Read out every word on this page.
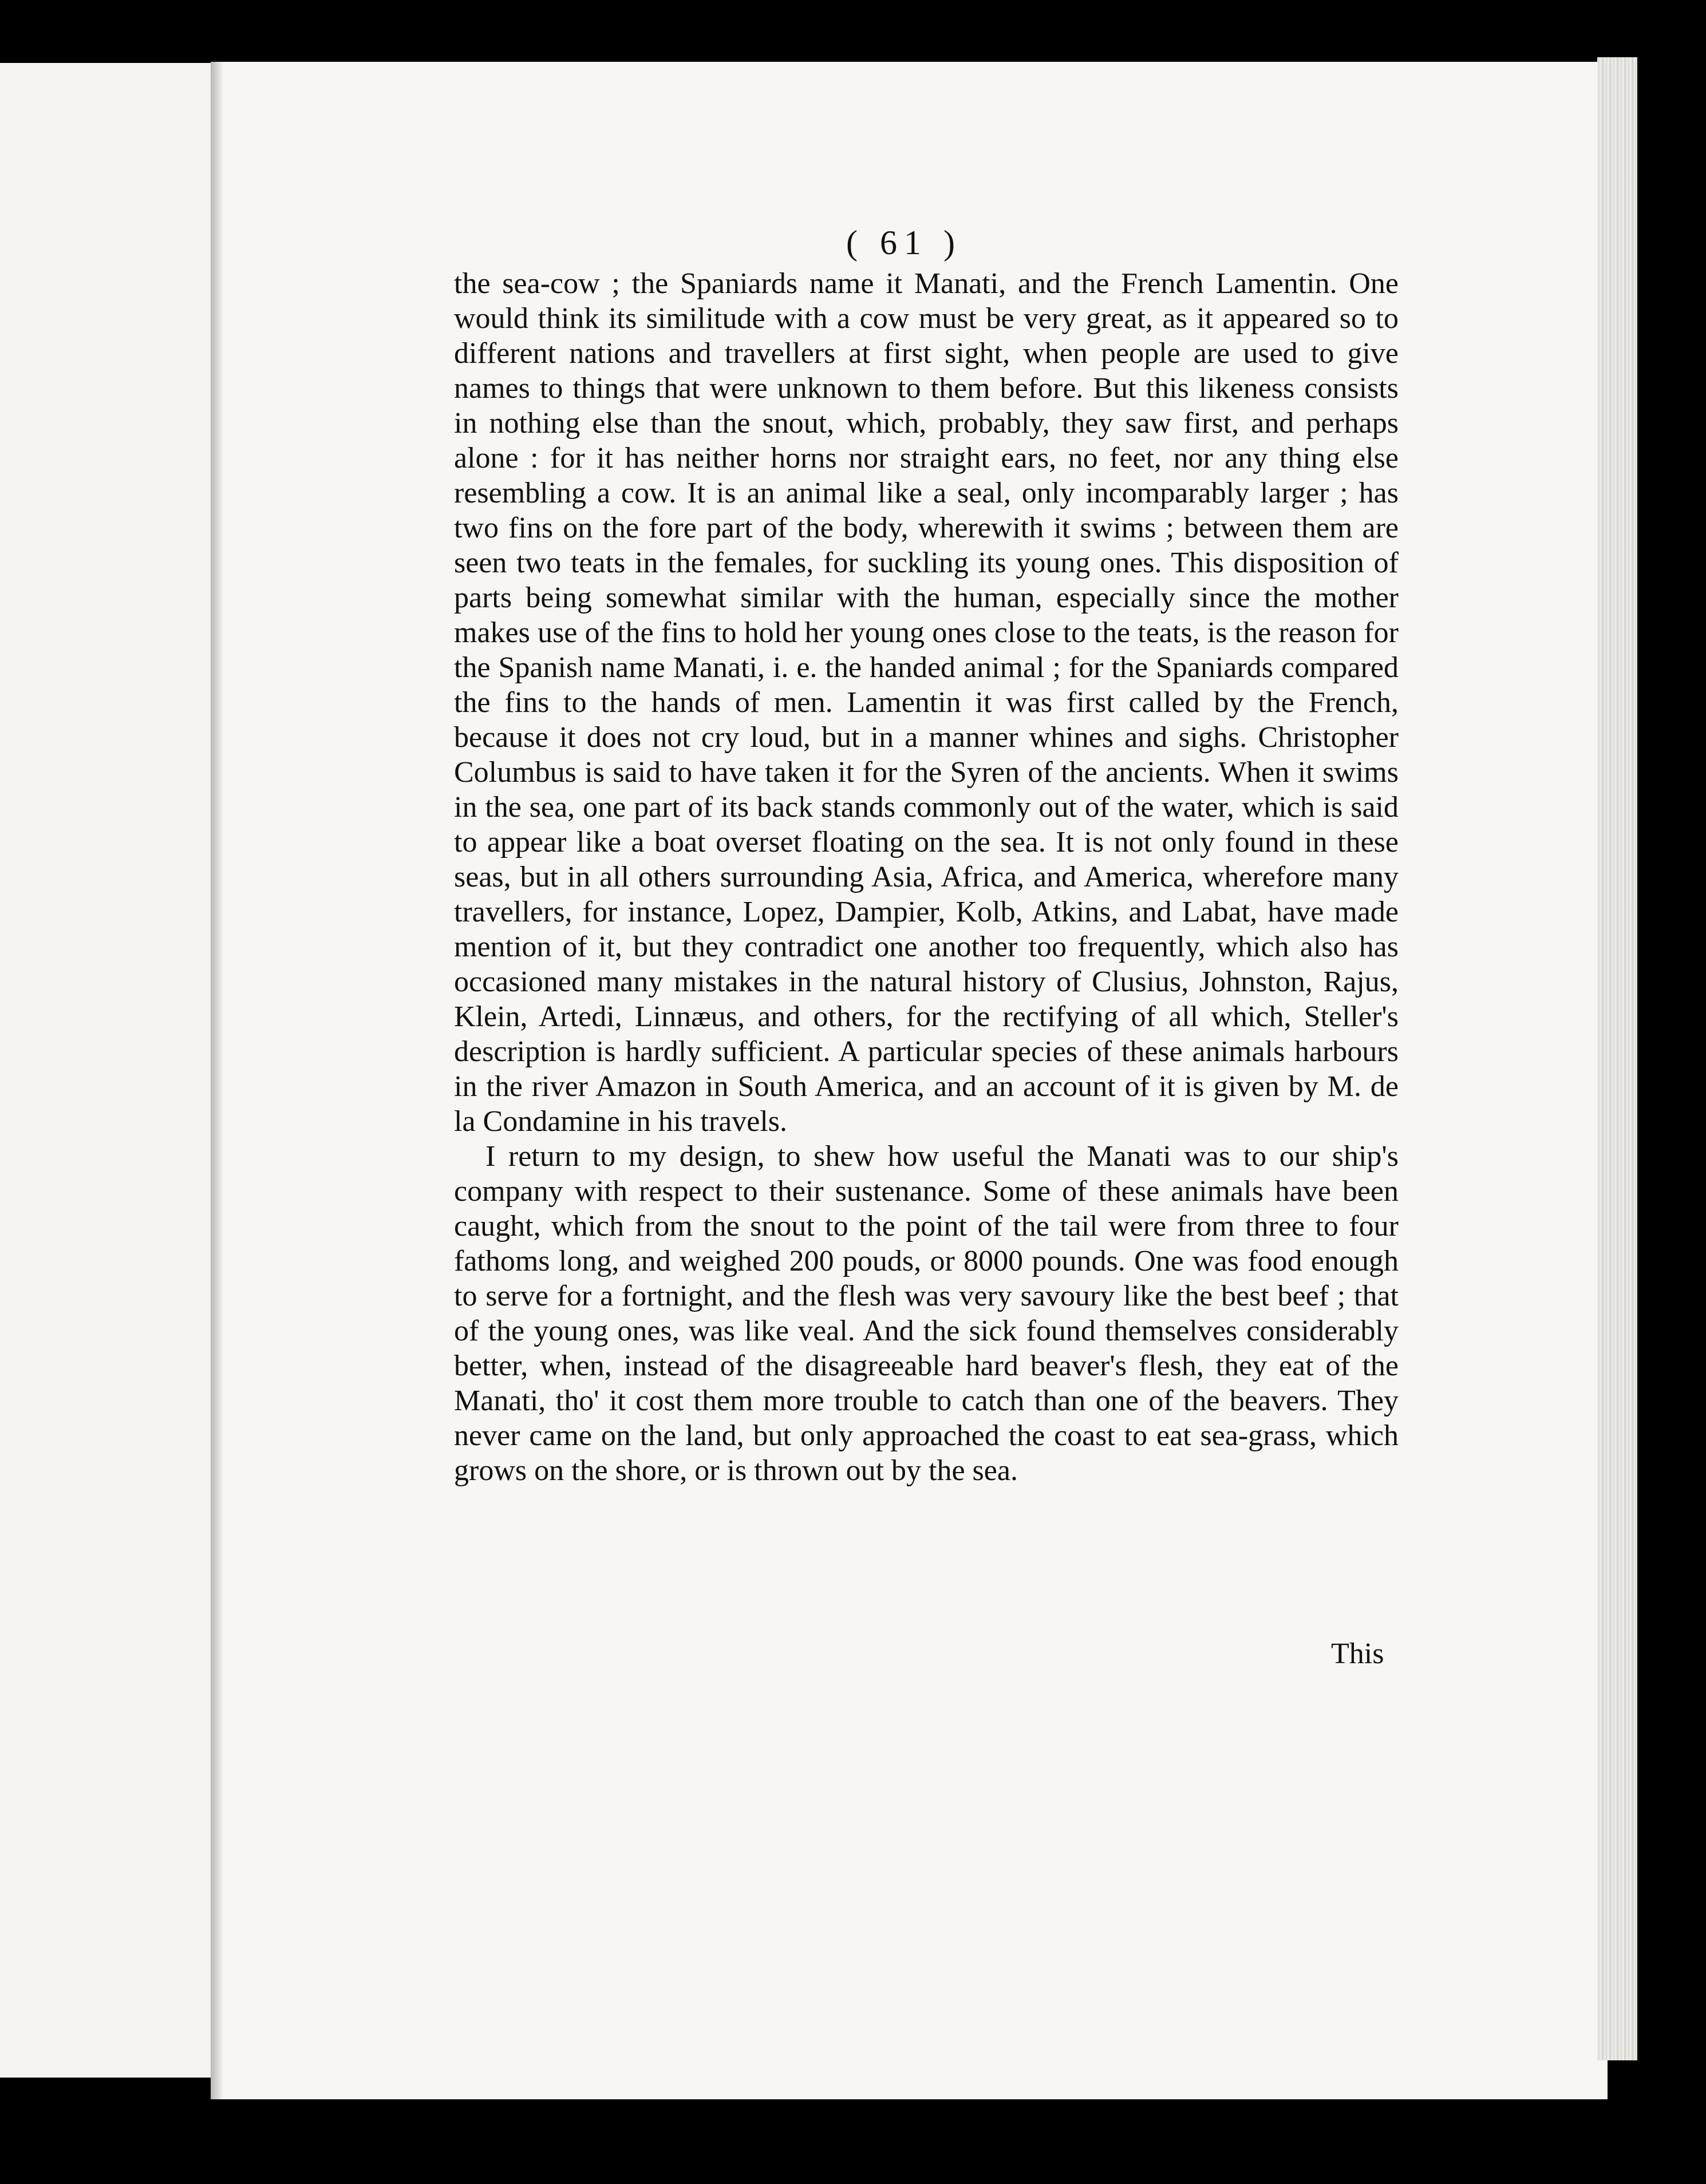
( 61 )

the sea-cow ; the Spaniards name it Manati, and the French Lamentin. One would think its similitude with a cow must be very great, as it appeared so to different nations and travellers at first sight, when people are used to give names to things that were unknown to them before. But this likeness consists in nothing else than the snout, which, probably, they saw first, and perhaps alone : for it has neither horns nor straight ears, no feet, nor any thing else resembling a cow. It is an animal like a seal, only incomparably larger ; has two fins on the fore part of the body, wherewith it swims ; between them are seen two teats in the females, for suckling its young ones. This disposition of parts being somewhat similar with the human, especially since the mother makes use of the fins to hold her young ones close to the teats, is the reason for the Spanish name Manati, i. e. the handed animal ; for the Spaniards compared the fins to the hands of men. Lamentin it was first called by the French, because it does not cry loud, but in a manner whines and sighs. Christopher Columbus is said to have taken it for the Syren of the ancients. When it swims in the sea, one part of its back stands commonly out of the water, which is said to appear like a boat overset floating on the sea. It is not only found in these seas, but in all others surrounding Asia, Africa, and America, wherefore many travellers, for instance, Lopez, Dampier, Kolb, Atkins, and Labat, have made mention of it, but they contradict one another too frequently, which also has occasioned many mistakes in the natural history of Clusius, Johnston, Rajus, Klein, Artedi, Linnæus, and others, for the rectifying of all which, Steller's description is hardly sufficient. A particular species of these animals harbours in the river Amazon in South America, and an account of it is given by M. de la Condamine in his travels.

I return to my design, to shew how useful the Manati was to our ship's company with respect to their sustenance. Some of these animals have been caught, which from the snout to the point of the tail were from three to four fathoms long, and weighed 200 pouds, or 8000 pounds. One was food enough to serve for a fortnight, and the flesh was very savoury like the best beef ; that of the young ones, was like veal. And the sick found themselves considerably better, when, instead of the disagreeable hard beaver's flesh, they eat of the Manati, tho' it cost them more trouble to catch than one of the beavers. They never came on the land, but only approached the coast to eat sea-grass, which grows on the shore, or is thrown out by the sea.

This
